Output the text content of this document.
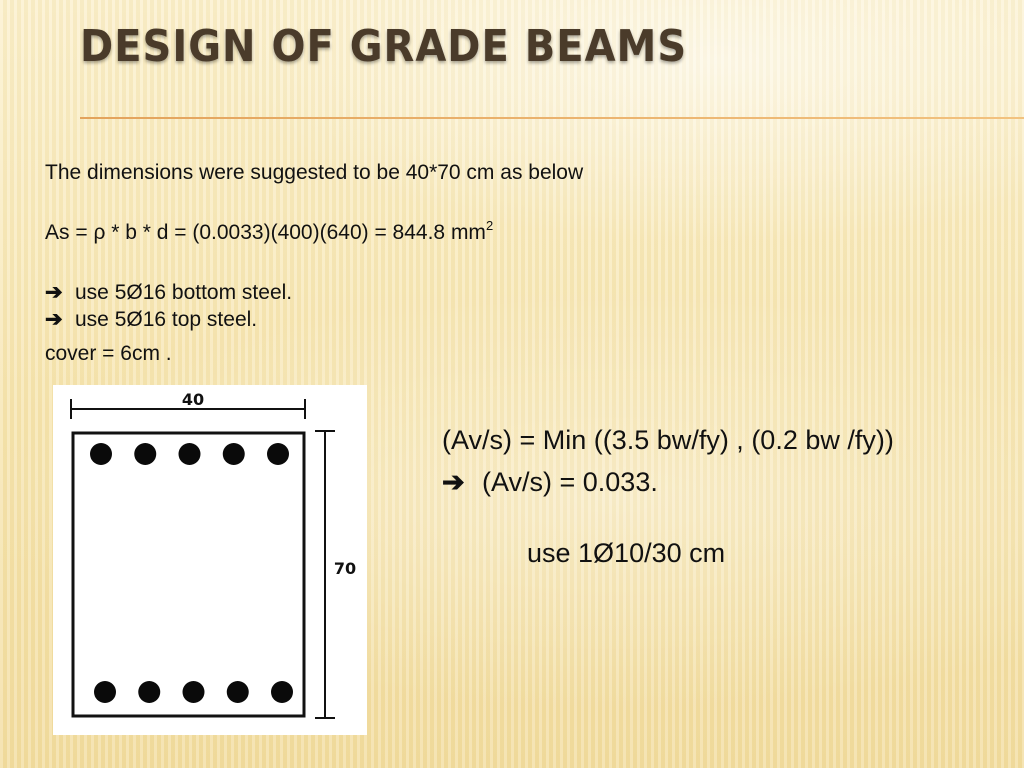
DESIGN OF GRADE BEAMS

The dimensions were suggested to be 40*70 cm as below

As = ρ * b * d = (0.0033)(400)(640) = 844.8 $mm^2$

➔ use 5Ø16 bottom steel.

➔ use 5Ø16 top steel.

cover = 6cm .

40
70

(Av/s) = Min ((3.5 bw/fy) , (0.2 bw /fy))

➔ (Av/s) = 0.033.

use 1Ø10/30 cm
